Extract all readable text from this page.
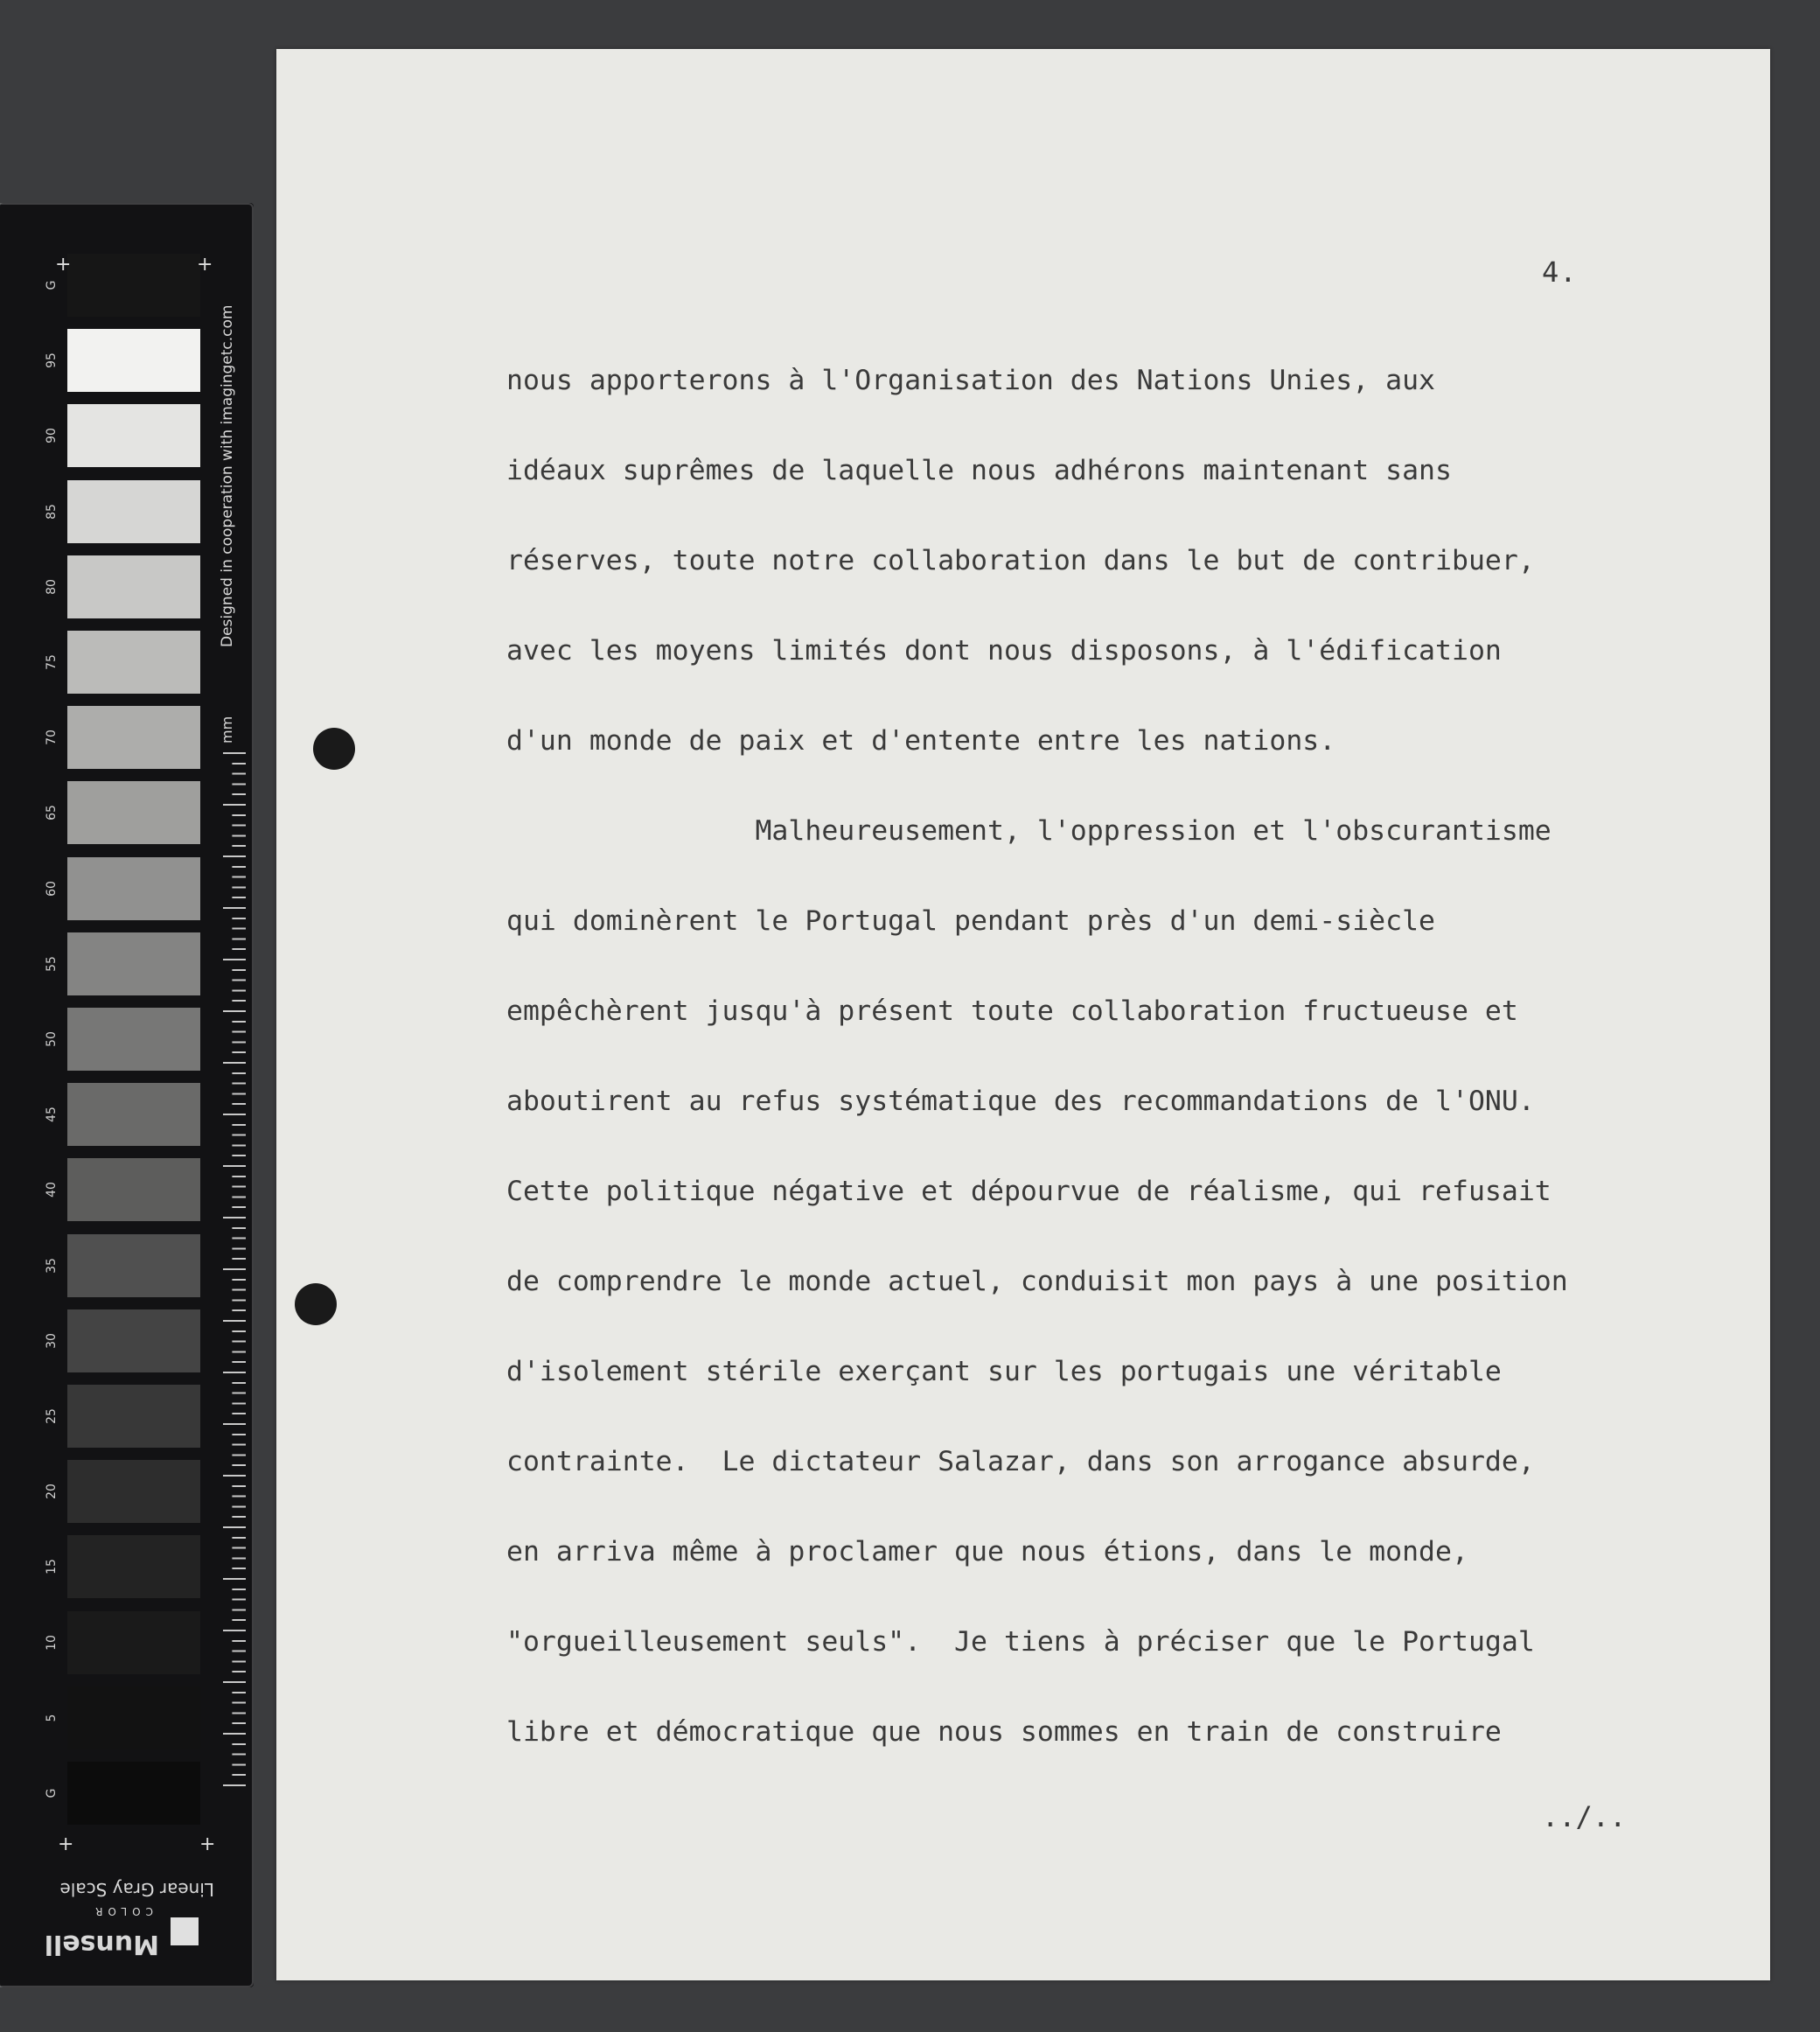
G
95
90
85
80
75
70
65
60
55
50
45
40
35
30
25
20
15
10
5
G
+	+
+	+
Designed in cooperation with imagingetc.com
mm
Linear Gray Scale
Munsell
COLOR
4.
nous apporterons à l'Organisation des Nations Unies, aux
idéaux suprêmes de laquelle nous adhérons maintenant sans
réserves, toute notre collaboration dans le but de contribuer,
avec les moyens limités dont nous disposons, à l'édification
d'un monde de paix et d'entente entre les nations.
Malheureusement, l'oppression et l'obscurantisme
qui dominèrent le Portugal pendant près d'un demi-siècle
empêchèrent jusqu'à présent toute collaboration fructueuse et
aboutirent au refus systématique des recommandations de l'ONU.
Cette politique négative et dépourvue de réalisme, qui refusait
de comprendre le monde actuel, conduisit mon pays à une position
d'isolement stérile exerçant sur les portugais une véritable
contrainte.  Le dictateur Salazar, dans son arrogance absurde,
en arriva même à proclamer que nous étions, dans le monde,
"orgueilleusement seuls".  Je tiens à préciser que le Portugal
libre et démocratique que nous sommes en train de construire
../..
